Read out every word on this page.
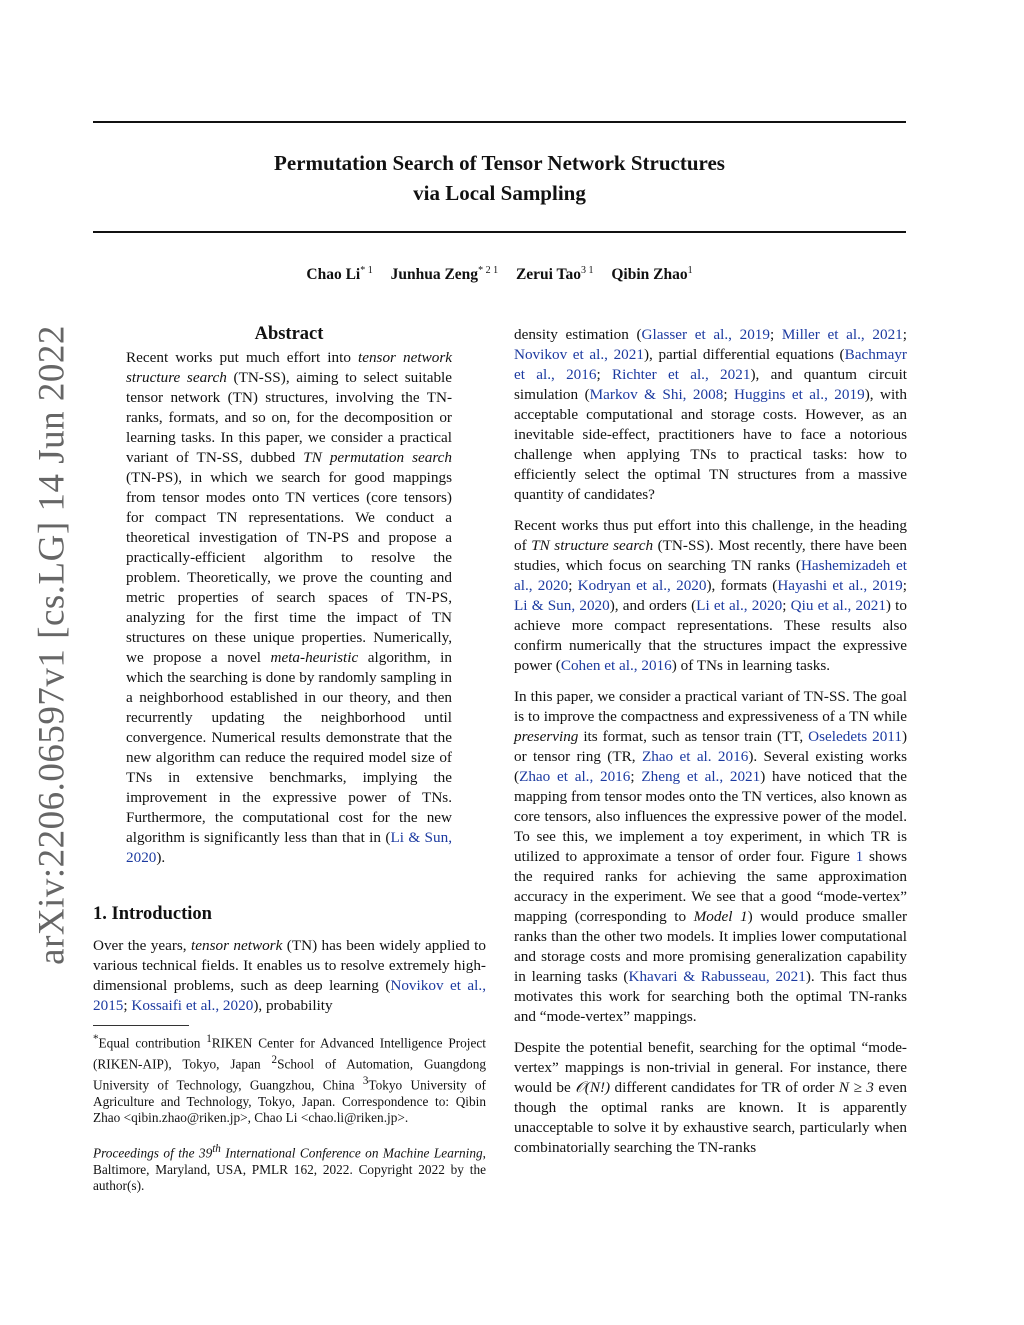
Permutation Search of Tensor Network Structures
via Local Sampling
Chao Li$^{* 1}$ Junhua Zeng$^{* 2 1}$ Zerui Tao$^{3 1}$ Qibin Zhao$^1$
arXiv:2206.06597v1 [cs.LG] 14 Jun 2022	Abstract

Recent works put much effort into tensor network structure search (TN-SS), aiming to select suitable tensor network (TN) structures, involving the TN-ranks, formats, and so on, for the decomposition or learning tasks. In this paper, we consider a practical variant of TN-SS, dubbed TN permutation search (TN-PS), in which we search for good mappings from tensor modes onto TN vertices (core tensors) for compact TN representations. We conduct a theoretical investigation of TN-PS and propose a practically-efficient algorithm to resolve the problem. Theoretically, we prove the counting and metric properties of search spaces of TN-PS, analyzing for the first time the impact of TN structures on these unique properties. Numerically, we propose a novel meta-heuristic algorithm, in which the searching is done by randomly sampling in a neighborhood established in our theory, and then recurrently updating the neighborhood until convergence. Numerical results demonstrate that the new algorithm can reduce the required model size of TNs in extensive benchmarks, implying the improvement in the expressive power of TNs. Furthermore, the computational cost for the new algorithm is significantly less than that in (Li & Sun, 2020).

1. Introduction

Over the years, tensor network (TN) has been widely applied to various technical fields. It enables us to resolve extremely high-dimensional problems, such as deep learning (Novikov et al., 2015; Kossaifi et al., 2020), probability

*Equal contribution $^1$RIKEN Center for Advanced Intelligence Project (RIKEN-AIP), Tokyo, Japan $^2$School of Automation, Guangdong University of Technology, Guangzhou, China $^3$Tokyo University of Agriculture and Technology, Tokyo, Japan. Correspondence to: Qibin Zhao <qibin.zhao@riken.jp>, Chao Li <chao.li@riken.jp>.

Proceedings of the 39th International Conference on Machine Learning, Baltimore, Maryland, USA, PMLR 162, 2022. Copyright 2022 by the author(s).

density estimation (Glasser et al., 2019; Miller et al., 2021; Novikov et al., 2021), partial differential equations (Bachmayr et al., 2016; Richter et al., 2021), and quantum circuit simulation (Markov & Shi, 2008; Huggins et al., 2019), with acceptable computational and storage costs. However, as an inevitable side-effect, practitioners have to face a notorious challenge when applying TNs to practical tasks: how to efficiently select the optimal TN structures from a massive quantity of candidates?

Recent works thus put effort into this challenge, in the heading of TN structure search (TN-SS). Most recently, there have been studies, which focus on searching TN ranks (Hashemizadeh et al., 2020; Kodryan et al., 2020), formats (Hayashi et al., 2019; Li & Sun, 2020), and orders (Li et al., 2020; Qiu et al., 2021) to achieve more compact representations. These results also confirm numerically that the structures impact the expressive power (Cohen et al., 2016) of TNs in learning tasks.

In this paper, we consider a practical variant of TN-SS. The goal is to improve the compactness and expressiveness of a TN while preserving its format, such as tensor train (TT, Oseledets 2011) or tensor ring (TR, Zhao et al. 2016). Several existing works (Zhao et al., 2016; Zheng et al., 2021) have noticed that the mapping from tensor modes onto the TN vertices, also known as core tensors, also influences the expressive power of the model. To see this, we implement a toy experiment, in which TR is utilized to approximate a tensor of order four. Figure 1 shows the required ranks for achieving the same approximation accuracy in the experiment. We see that a good “mode-vertex” mapping (corresponding to Model 1) would produce smaller ranks than the other two models. It implies lower computational and storage costs and more promising generalization capability in learning tasks (Khavari & Rabusseau, 2021). This fact thus motivates this work for searching both the optimal TN-ranks and “mode-vertex” mappings.

Despite the potential benefit, searching for the optimal “mode-vertex” mappings is non-trivial in general. For instance, there would be 𝒪(N!) different candidates for TR of order N ≥ 3 even though the optimal ranks are known. It is apparently unacceptable to solve it by exhaustive search, particularly when combinatorially searching the TN-ranks
